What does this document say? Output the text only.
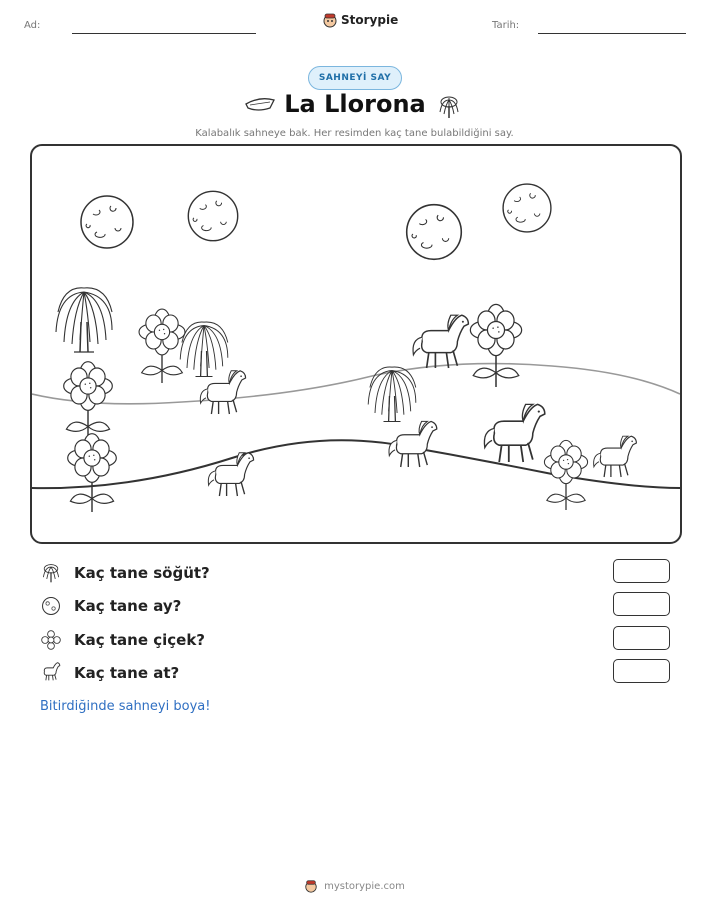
Ad:	Storypie	Tarih:
SAHNEYİ SAY
La Llorona
Kalabalık sahneye bak. Her resimden kaç tane bulabildiğini say.
Kaç tane söğüt?
Kaç tane ay?
Kaç tane çiçek?
Kaç tane at?
Bitirdiğinde sahneyi boya!
mystorypie.com
